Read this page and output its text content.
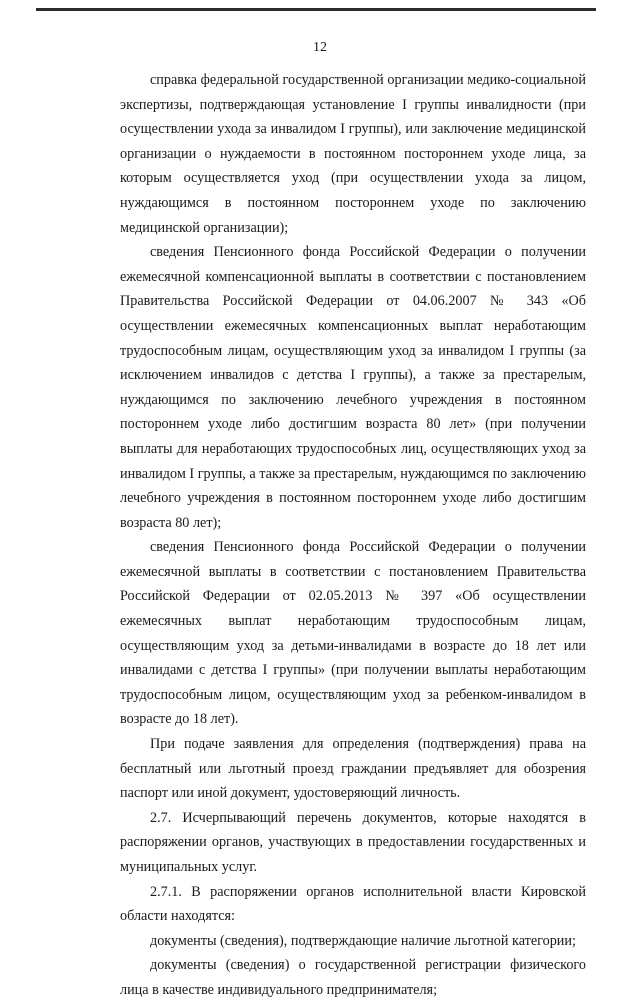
12

справка федеральной государственной организации медико-социальной экспертизы, подтверждающая установление I группы инвалидности (при осуществлении ухода за инвалидом I группы), или заключение медицинской организации о нуждаемости в постоянном постороннем уходе лица, за которым осуществляется уход (при осуществлении ухода за лицом, нуждающимся в постоянном постороннем уходе по заключению медицинской организации);

сведения Пенсионного фонда Российской Федерации о получении ежемесячной компенсационной выплаты в соответствии с постановлением Правительства Российской Федерации от 04.06.2007 № 343 «Об осуществлении ежемесячных компенсационных выплат неработающим трудоспособным лицам, осуществляющим уход за инвалидом I группы (за исключением инвалидов с детства I группы), а также за престарелым, нуждающимся по заключению лечебного учреждения в постоянном постороннем уходе либо достигшим возраста 80 лет» (при получении выплаты для неработающих трудоспособных лиц, осуществляющих уход за инвалидом I группы, а также за престарелым, нуждающимся по заключению лечебного учреждения в постоянном постороннем уходе либо достигшим возраста 80 лет);

сведения Пенсионного фонда Российской Федерации о получении ежемесячной выплаты в соответствии с постановлением Правительства Российской Федерации от 02.05.2013 № 397 «Об осуществлении ежемесячных выплат неработающим трудоспособным лицам, осуществляющим уход за детьми-инвалидами в возрасте до 18 лет или инвалидами с детства I группы» (при получении выплаты неработающим трудоспособным лицом, осуществляющим уход за ребенком-инвалидом в возрасте до 18 лет).

При подаче заявления для определения (подтверждения) права на бесплатный или льготный проезд граждании предъявляет для обозрения паспорт или иной документ, удостоверяющий личность.

2.7. Исчерпывающий перечень документов, которые находятся в распоряжении органов, участвующих в предоставлении государственных и муниципальных услуг.

2.7.1. В распоряжении органов исполнительной власти Кировской области находятся:

документы (сведения), подтверждающие наличие льготной категории;

документы (сведения) о государственной регистрации физического лица в качестве индивидуального предпринимателя;
